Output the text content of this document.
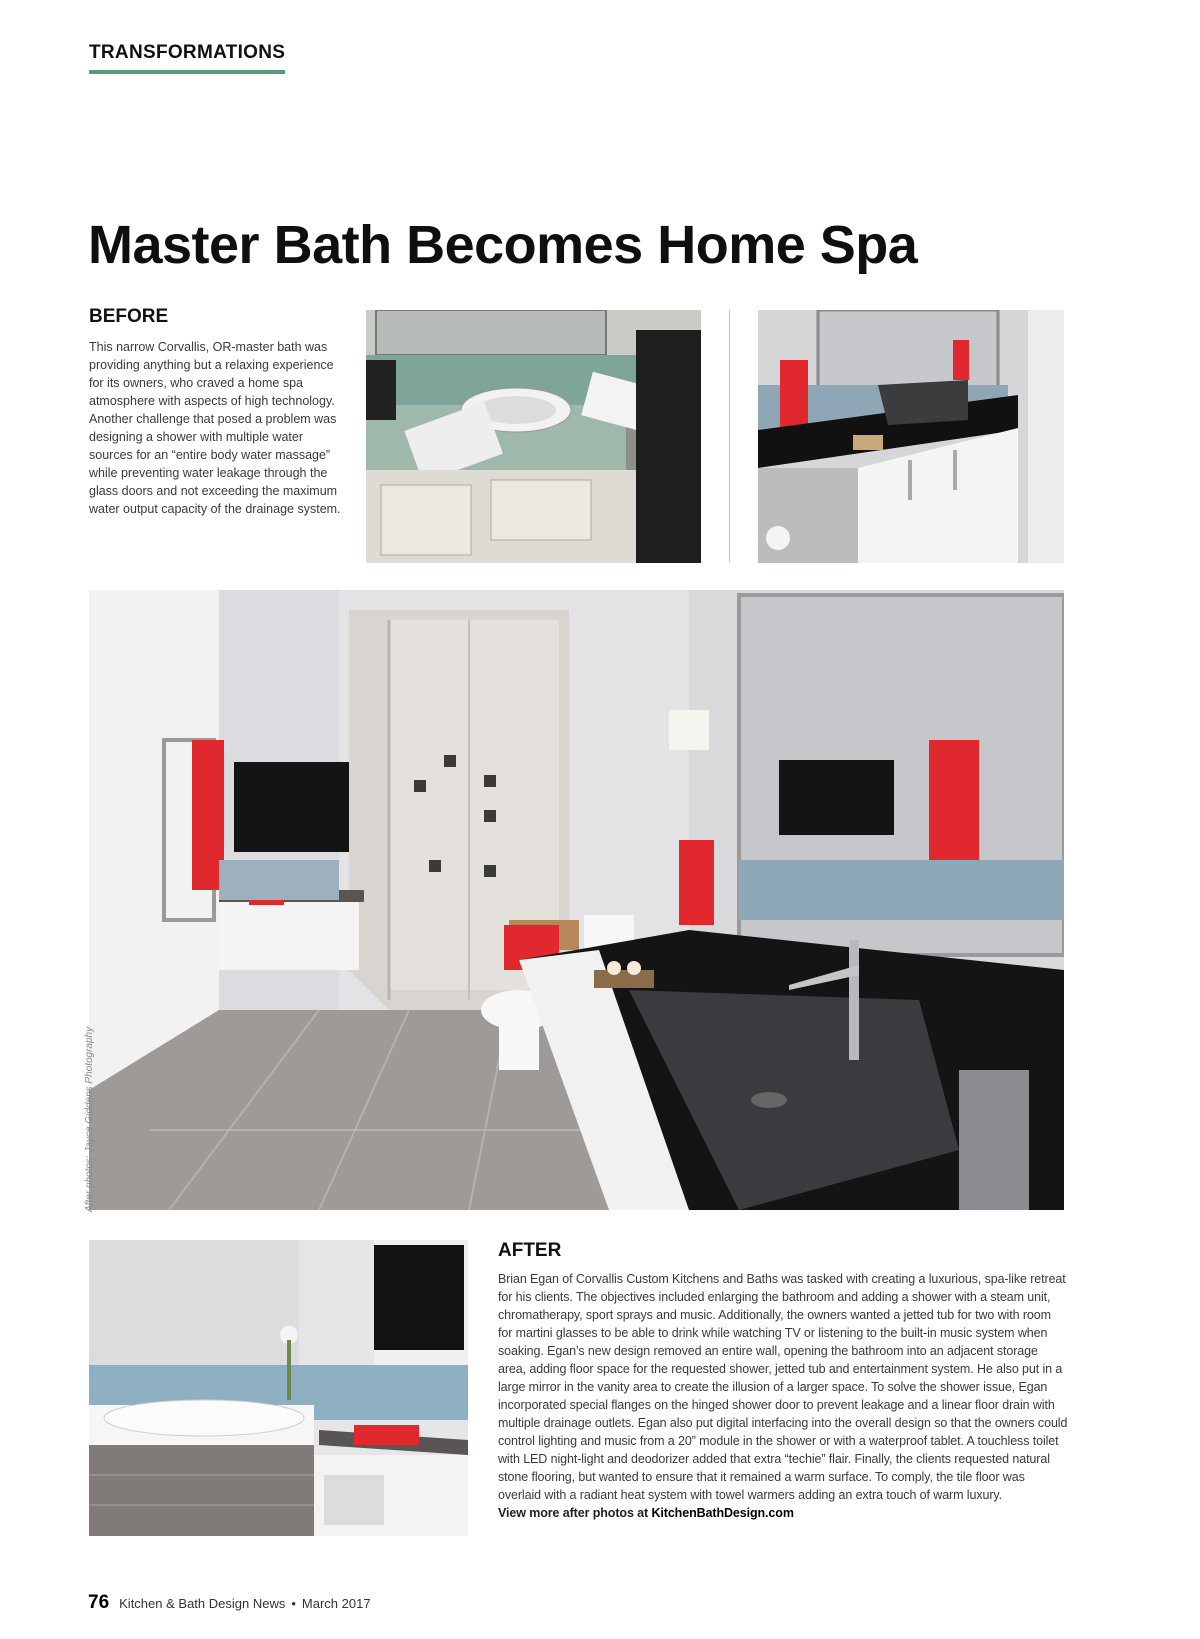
TRANSFORMATIONS
Master Bath Becomes Home Spa
BEFORE

This narrow Corvallis, OR-master bath was providing anything but a relaxing experience for its owners, who craved a home spa atmosphere with aspects of high technology. Another challenge that posed a problem was designing a shower with multiple water sources for an “entire body water massage” while preventing water leakage through the glass doors and not exceeding the maximum water output capacity of the drainage system.

After photos: Jayce Giddens Photography
AFTER

Brian Egan of Corvallis Custom Kitchens and Baths was tasked with creating a luxurious, spa-like retreat for his clients. The objectives included enlarging the bathroom and adding a shower with a steam unit, chromatherapy, sport sprays and music. Additionally, the owners wanted a jetted tub for two with room for martini glasses to be able to drink while watching TV or listening to the built-in music system when soaking. Egan’s new design removed an entire wall, opening the bathroom into an adjacent storage area, adding floor space for the requested shower, jetted tub and entertainment system. He also put in a large mirror in the vanity area to create the illusion of a larger space. To solve the shower issue, Egan incorporated special flanges on the hinged shower door to prevent leakage and a linear floor drain with multiple drainage outlets. Egan also put digital interfacing into the overall design so that the owners could control lighting and music from a 20” module in the shower or with a waterproof tablet. A touchless toilet with LED night-light and deodorizer added that extra “techie” flair. Finally, the clients requested natural stone flooring, but wanted to ensure that it remained a warm surface. To comply, the tile floor was overlaid with a radiant heat system with towel warmers adding an extra touch of warm luxury.
View more after photos at KitchenBathDesign.com

76 Kitchen & Bath Design News • March 2017
